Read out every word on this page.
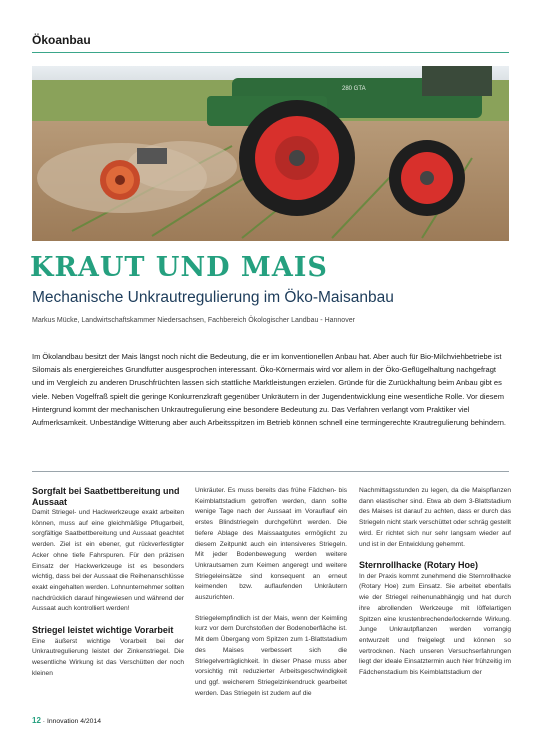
Ökoanbau
280 GTA
KRAUT UND MAIS
Mechanische Unkrautregulierung im Öko-Maisanbau
Markus Mücke, Landwirtschaftskammer Niedersachsen, Fachbereich Ökologischer Landbau - Hannover
Im Ökolandbau besitzt der Mais längst noch nicht die Bedeutung, die er im konventionellen Anbau hat. Aber auch für Bio-Milchviehbetriebe ist Silomais als energiereiches Grundfutter ausgesprochen interessant. Öko-Körnermais wird vor allem in der Öko-Geflügelhaltung nachgefragt und im Vergleich zu anderen Druschfrüchten lassen sich stattliche Marktleistungen erzielen. Gründe für die Zurückhaltung beim Anbau gibt es viele. Neben Vogelfraß spielt die geringe Konkurrenzkraft gegenüber Unkräutern in der Jugendentwicklung eine wesentliche Rolle. Vor diesem Hintergrund kommt der mechanischen Unkrautregulierung eine besondere Bedeutung zu. Das Verfahren verlangt vom Praktiker viel Aufmerksamkeit. Unbeständige Witterung aber auch Arbeitsspitzen im Betrieb können schnell eine termingerechte Krautregulierung behindern.
Sorgfalt bei Saatbettbereitung und Aussaat

Damit Striegel- und Hackwerkzeuge exakt arbeiten können, muss auf eine gleichmäßige Pflugarbeit, sorgfältige Saatbettbereitung und Aussaat geachtet werden. Ziel ist ein ebener, gut rückverfestigter Acker ohne tiefe Fahrspuren. Für den präzisen Einsatz der Hackwerkzeuge ist es besonders wichtig, dass bei der Aussaat die Reihenanschlüsse exakt eingehalten werden. Lohnunternehmer sollten nachdrücklich darauf hingewiesen und während der Aussaat auch kontrolliert werden!

Striegel leistet wichtige Vorarbeit

Eine äußerst wichtige Vorarbeit bei der Unkrautregulierung leistet der Zinkenstriegel. Die wesentliche Wirkung ist das Verschütten der noch kleinen

Unkräuter. Es muss bereits das frühe Fädchen- bis Keimblattstadium getroffen werden, dann sollte wenige Tage nach der Aussaat im Vorauflauf ein erstes Blindstriegeln durchgeführt werden. Die tiefere Ablage des Maissaatgutes ermöglicht zu diesem Zeitpunkt auch ein intensiveres Striegeln. Mit jeder Bodenbewegung werden weitere Unkrautsamen zum Keimen angeregt und weitere Striegeleinsätze sind konsequent an erneut keimenden bzw. auflaufenden Unkräutern auszurichten.

Striegelempfindlich ist der Mais, wenn der Keimling kurz vor dem Durchstoßen der Bodenoberfläche ist. Mit dem Übergang vom Spitzen zum 1-Blattstadium des Maises verbessert sich die Striegelverträglichkeit. In dieser Phase muss aber vorsichtig mit reduzierter Arbeitsgeschwindigkeit und ggf. weicherem Striegelzinkendruck gearbeitet werden. Das Striegeln ist zudem auf die

Nachmittagsstunden zu legen, da die Maispflanzen dann elastischer sind. Etwa ab dem 3-Blattstadium des Maises ist darauf zu achten, dass er durch das Striegeln nicht stark verschüttet oder schräg gestellt wird. Er richtet sich nur sehr langsam wieder auf und ist in der Entwicklung gehemmt.

Sternrollhacke (Rotary Hoe)

In der Praxis kommt zunehmend die Sternrollhacke (Rotary Hoe) zum Einsatz. Sie arbeitet ebenfalls wie der Striegel reihenunabhängig und hat durch ihre abrollenden Werkzeuge mit löffelartigen Spitzen eine krustenbrechende/lockernde Wirkung. Junge Unkrautpflanzen werden vorrangig entwurzelt und freigelegt und können so vertrocknen. Nach unseren Versuchserfahrungen liegt der ideale Einsatztermin auch hier frühzeitig im Fädchenstadium bis Keimblattstadium der

12 · Innovation 4/2014
